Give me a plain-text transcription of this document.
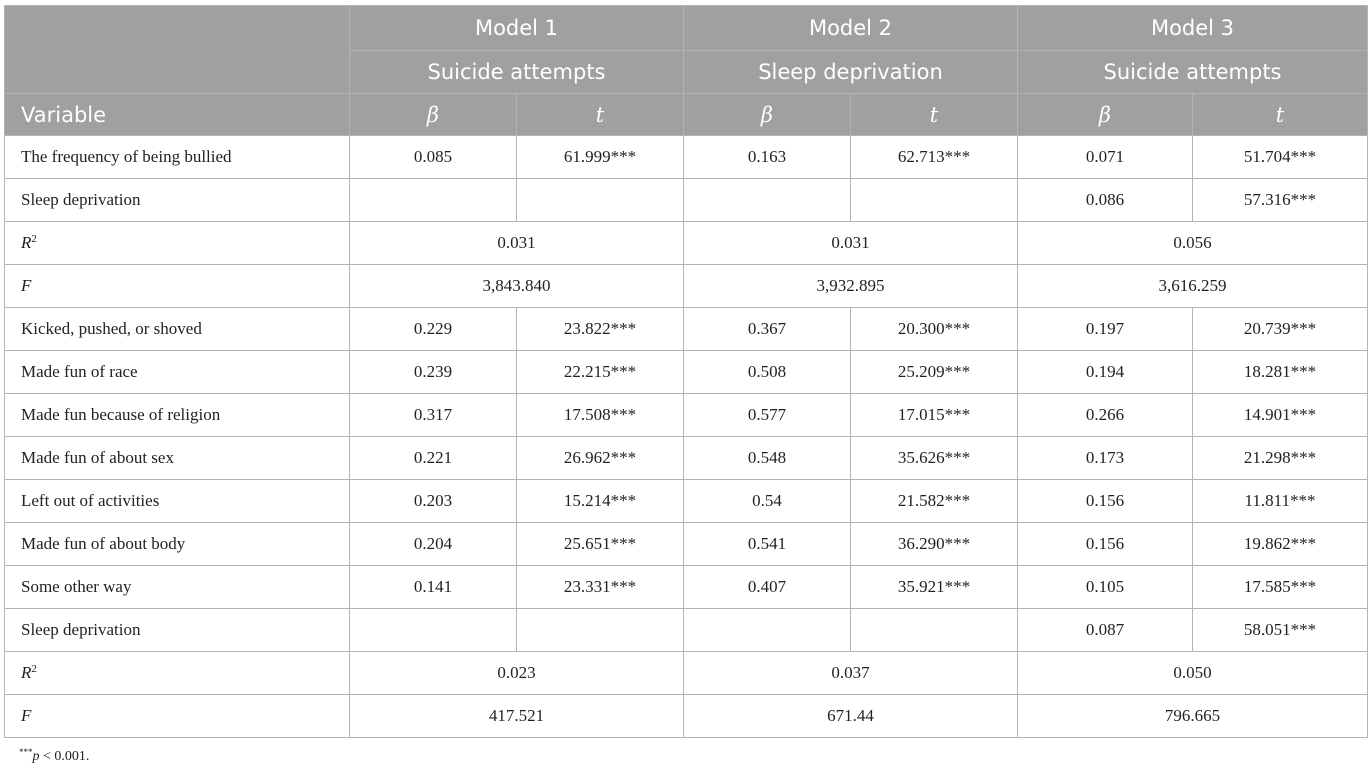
	Model 1		Model 2		Model 3	
	Suicide attempts		Sleep deprivation		Suicide attempts	
Variable	β	t	β	t	β	t
The frequency of being bullied	0.085	61.999***	0.163	62.713***	0.071	51.704***
Sleep deprivation					0.086	57.316***
$R^2$	0.031		0.031		0.056	
F	3,843.840		3,932.895		3,616.259	
Kicked, pushed, or shoved	0.229	23.822***	0.367	20.300***	0.197	20.739***
Made fun of race	0.239	22.215***	0.508	25.209***	0.194	18.281***
Made fun because of religion	0.317	17.508***	0.577	17.015***	0.266	14.901***
Made fun of about sex	0.221	26.962***	0.548	35.626***	0.173	21.298***
Left out of activities	0.203	15.214***	0.54	21.582***	0.156	11.811***
Made fun of about body	0.204	25.651***	0.541	36.290***	0.156	19.862***
Some other way	0.141	23.331***	0.407	35.921***	0.105	17.585***
Sleep deprivation					0.087	58.051***
$R^2$	0.023		0.037		0.050	
F	417.521		671.44		796.665	
***p < 0.001.
